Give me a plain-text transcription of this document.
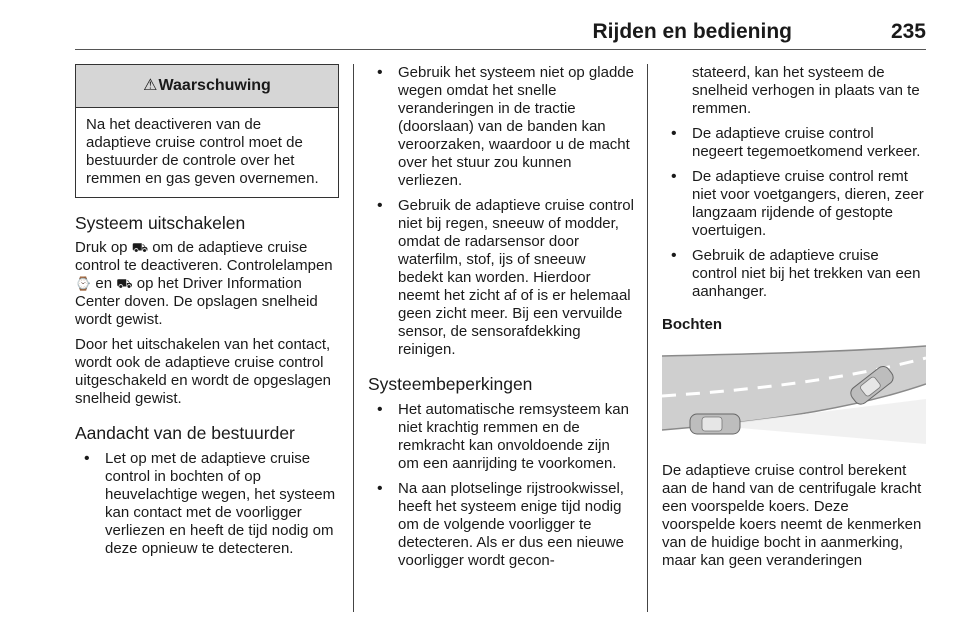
Rijden en bediening	235
⚠ Waarschuwing
Na het deactiveren van de adaptieve cruise control moet de bestuurder de controle over het remmen en gas geven overnemen.
Systeem uitschakelen

Druk op ⛟ om de adaptieve cruise control te deactiveren. Controlelampen ⌚ en ⛟ op het Driver Information Center doven. De opslagen snelheid wordt gewist.

Door het uitschakelen van het contact, wordt ook de adaptieve cruise control uitgeschakeld en wordt de opgeslagen snelheid gewist.

Aandacht van de bestuurder
• Let op met de adaptieve cruise control in bochten of op heuvelachtige wegen, het systeem kan contact met de voorligger verliezen en heeft de tijd nodig om deze opnieuw te detecteren.
• Gebruik het systeem niet op gladde wegen omdat het snelle veranderingen in de tractie (doorslaan) van de banden kan veroorzaken, waardoor u de macht over het stuur zou kunnen verliezen.
• Gebruik de adaptieve cruise control niet bij regen, sneeuw of modder, omdat de radarsensor door waterfilm, stof, ijs of sneeuw bedekt kan worden. Hierdoor neemt het zicht af of is er helemaal geen zicht meer. Bij een vervuilde sensor, de sensorafdekking reinigen.
Systeembeperkingen
• Het automatische remsysteem kan niet krachtig remmen en de remkracht kan onvoldoende zijn om een aanrijding te voorkomen.
• Na aan plotselinge rijstrookwissel, heeft het systeem enige tijd nodig om de volgende voorligger te detecteren. Als er dus een nieuwe voorligger wordt gecon-

stateerd, kan het systeem de snelheid verhogen in plaats van te remmen.

• De adaptieve cruise control negeert tegemoetkomend verkeer.
• De adaptieve cruise control remt niet voor voetgangers, dieren, zeer langzaam rijdende of gestopte voertuigen.
• Gebruik de adaptieve cruise control niet bij het trekken van een aanhanger.
Bochten

De adaptieve cruise control berekent aan de hand van de centrifugale kracht een voorspelde koers. Deze voorspelde koers neemt de kenmerken van de huidige bocht in aanmerking, maar kan geen veranderingen
